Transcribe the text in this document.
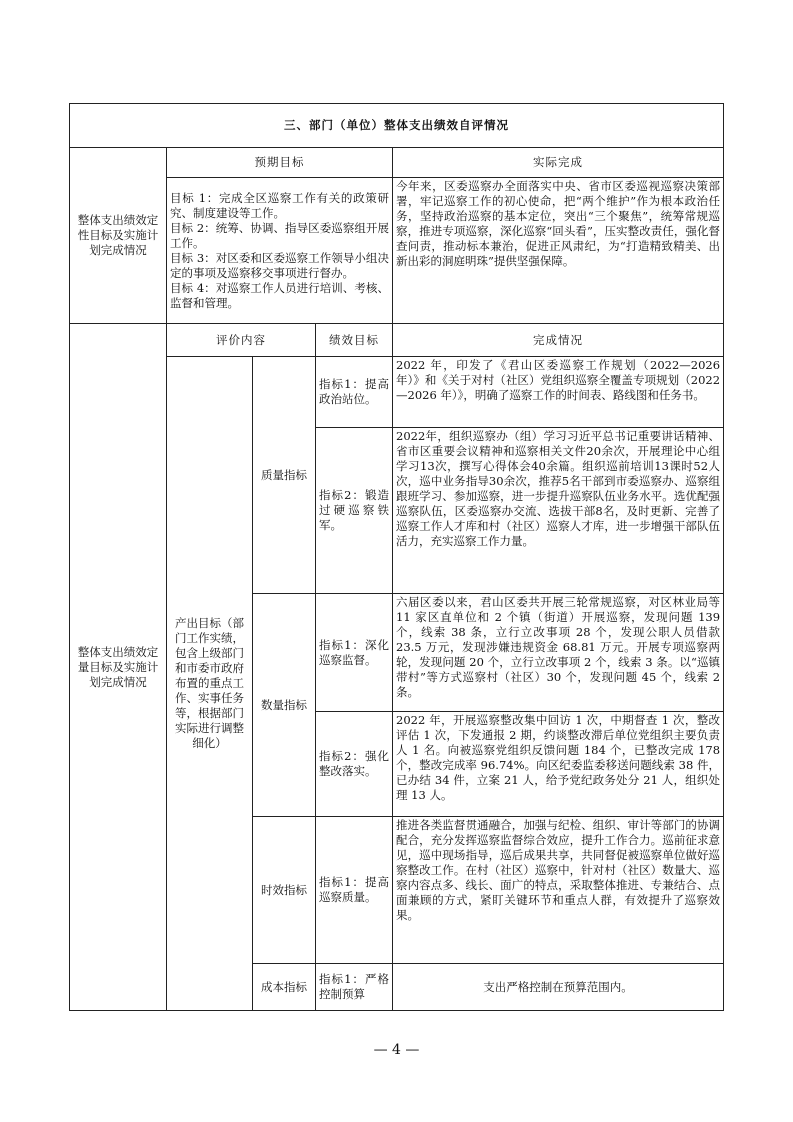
三、部门（单位）整体支出绩效自评情况				
整体支出绩效定性目标及实施计划完成情况	预期目标			实际完成

	目标 1：完成全区巡察工作有关的政策研究、制度建设等工作。
目标 2：统筹、协调、指导区委巡察组开展工作。
目标 3：对区委和区委巡察工作领导小组决定的事项及巡察移交事项进行督办。
目标 4：对巡察工作人员进行培训、考核、监督和管理。			今年来，区委巡察办全面落实中央、省市区委巡视巡察决策部署，牢记巡察工作的初心使命，把“两个维护”作为根本政治任务，坚持政治巡察的基本定位，突出“三个聚焦”，统筹常规巡察，推进专项巡察，深化巡察“回头看”，压实整改责任，强化督查问责，推动标本兼治，促进正风肃纪，为“打造精致精美、出新出彩的洞庭明珠”提供坚强保障。
整体支出绩效定量目标及实施计划完成情况	评价内容		绩效目标	完成情况
	产出目标（部门工作实绩，包含上级部门和市委市政府布置的重点工作、实事任务等，根据部门实际进行调整细化）	质量指标	指标1：提高政治站位。	2022 年，印发了《君山区委巡察工作规划（2022—2026 年）》和《关于对村（社区）党组织巡察全覆盖专项规划（2022—2026 年）》，明确了巡察工作的时间表、路线图和任务书。
			指标2：锻造过硬巡察铁军。	2022年，组织巡察办（组）学习习近平总书记重要讲话精神、省市区重要会议精神和巡察相关文件20余次，开展理论中心组学习13次，撰写心得体会40余篇。组织巡前培训13课时52人次，巡中业务指导30余次，推荐5名干部到市委巡察办、巡察组跟班学习、参加巡察，进一步提升巡察队伍业务水平。选优配强巡察队伍，区委巡察办交流、选拔干部8名，及时更新、完善了巡察工作人才库和村（社区）巡察人才库，进一步增强干部队伍活力，充实巡察工作力量。
		数量指标	指标1：深化巡察监督。	六届区委以来，君山区委共开展三轮常规巡察，对区林业局等 11 家区直单位和 2 个镇（街道）开展巡察，发现问题 139 个，线索 38 条，立行立改事项 28 个，发现公职人员借款 23.5 万元，发现涉嫌违规资金 68.81 万元。开展专项巡察两轮，发现问题 20 个，立行立改事项 2 个，线索 3 条。以“巡镇带村”等方式巡察村（社区）30 个，发现问题 45 个，线索 2 条。
			指标2：强化整改落实。	2022 年，开展巡察整改集中回访 1 次，中期督查 1 次，整改评估 1 次，下发通报 2 期，约谈整改滞后单位党组织主要负责人 1 名。向被巡察党组织反馈问题 184 个，已整改完成 178 个，整改完成率 96.74%。向区纪委监委移送问题线索 38 件，已办结 34 件，立案 21 人，给予党纪政务处分 21 人，组织处理 13 人。
		时效指标	指标1：提高巡察质量。	推进各类监督贯通融合，加强与纪检、组织、审计等部门的协调配合，充分发挥巡察监督综合效应，提升工作合力。巡前征求意见，巡中现场指导，巡后成果共享，共同督促被巡察单位做好巡察整改工作。在村（社区）巡察中，针对村（社区）数量大、巡察内容点多、线长、面广的特点，采取整体推进、专兼结合、点面兼顾的方式，紧盯关键环节和重点人群，有效提升了巡察效果。
		成本指标	指标1：严格控制预算	支出严格控制在预算范围内。
— 4 —
